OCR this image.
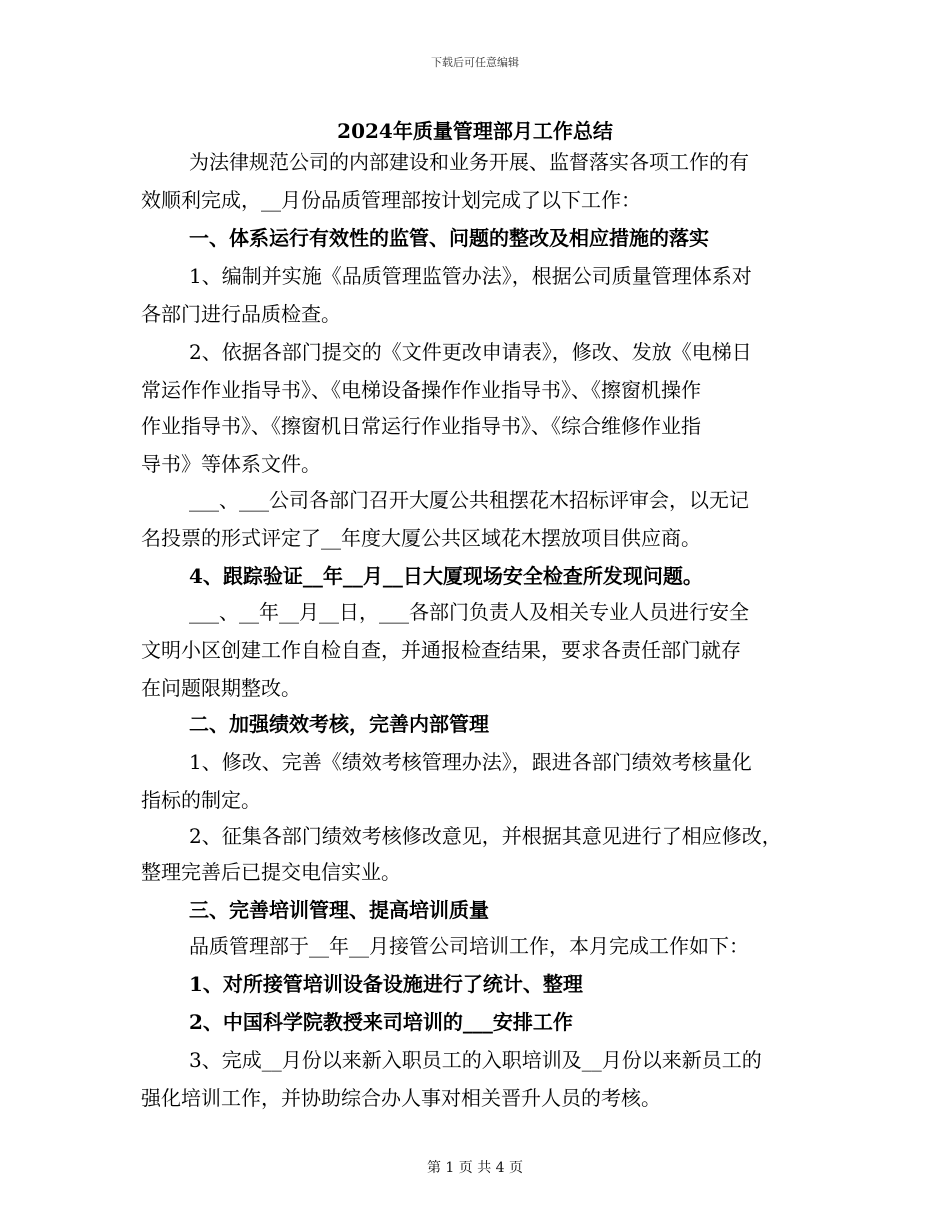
下载后可任意编辑
2024年质量管理部月工作总结
为法律规范公司的内部建设和业务开展、监督落实各项工作的有
效顺利完成，__月份品质管理部按计划完成了以下工作：
一、体系运行有效性的监管、问题的整改及相应措施的落实
1、编制并实施《品质管理监管办法》，根据公司质量管理体系对
各部门进行品质检查。
2、依据各部门提交的《文件更改申请表》，修改、发放《电梯日
常运作作业指导书》、《电梯设备操作作业指导书》、《擦窗机操作
作业指导书》、《擦窗机日常运行作业指导书》、《综合维修作业指
导书》等体系文件。
___、___公司各部门召开大厦公共租摆花木招标评审会，以无记
名投票的形式评定了__年度大厦公共区域花木摆放项目供应商。
4、跟踪验证__年__月__日大厦现场安全检查所发现问题。
___、__年__月__日，___各部门负责人及相关专业人员进行安全
文明小区创建工作自检自查，并通报检查结果，要求各责任部门就存
在问题限期整改。
二、加强绩效考核，完善内部管理
1、修改、完善《绩效考核管理办法》，跟进各部门绩效考核量化
指标的制定。
2、征集各部门绩效考核修改意见，并根据其意见进行了相应修改，
整理完善后已提交电信实业。
三、完善培训管理、提高培训质量
品质管理部于__年__月接管公司培训工作，本月完成工作如下：
1、对所接管培训设备设施进行了统计、整理
2、中国科学院教授来司培训的___安排工作
3、完成__月份以来新入职员工的入职培训及__月份以来新员工的
强化培训工作，并协助综合办人事对相关晋升人员的考核。
第 1 页 共 4 页
